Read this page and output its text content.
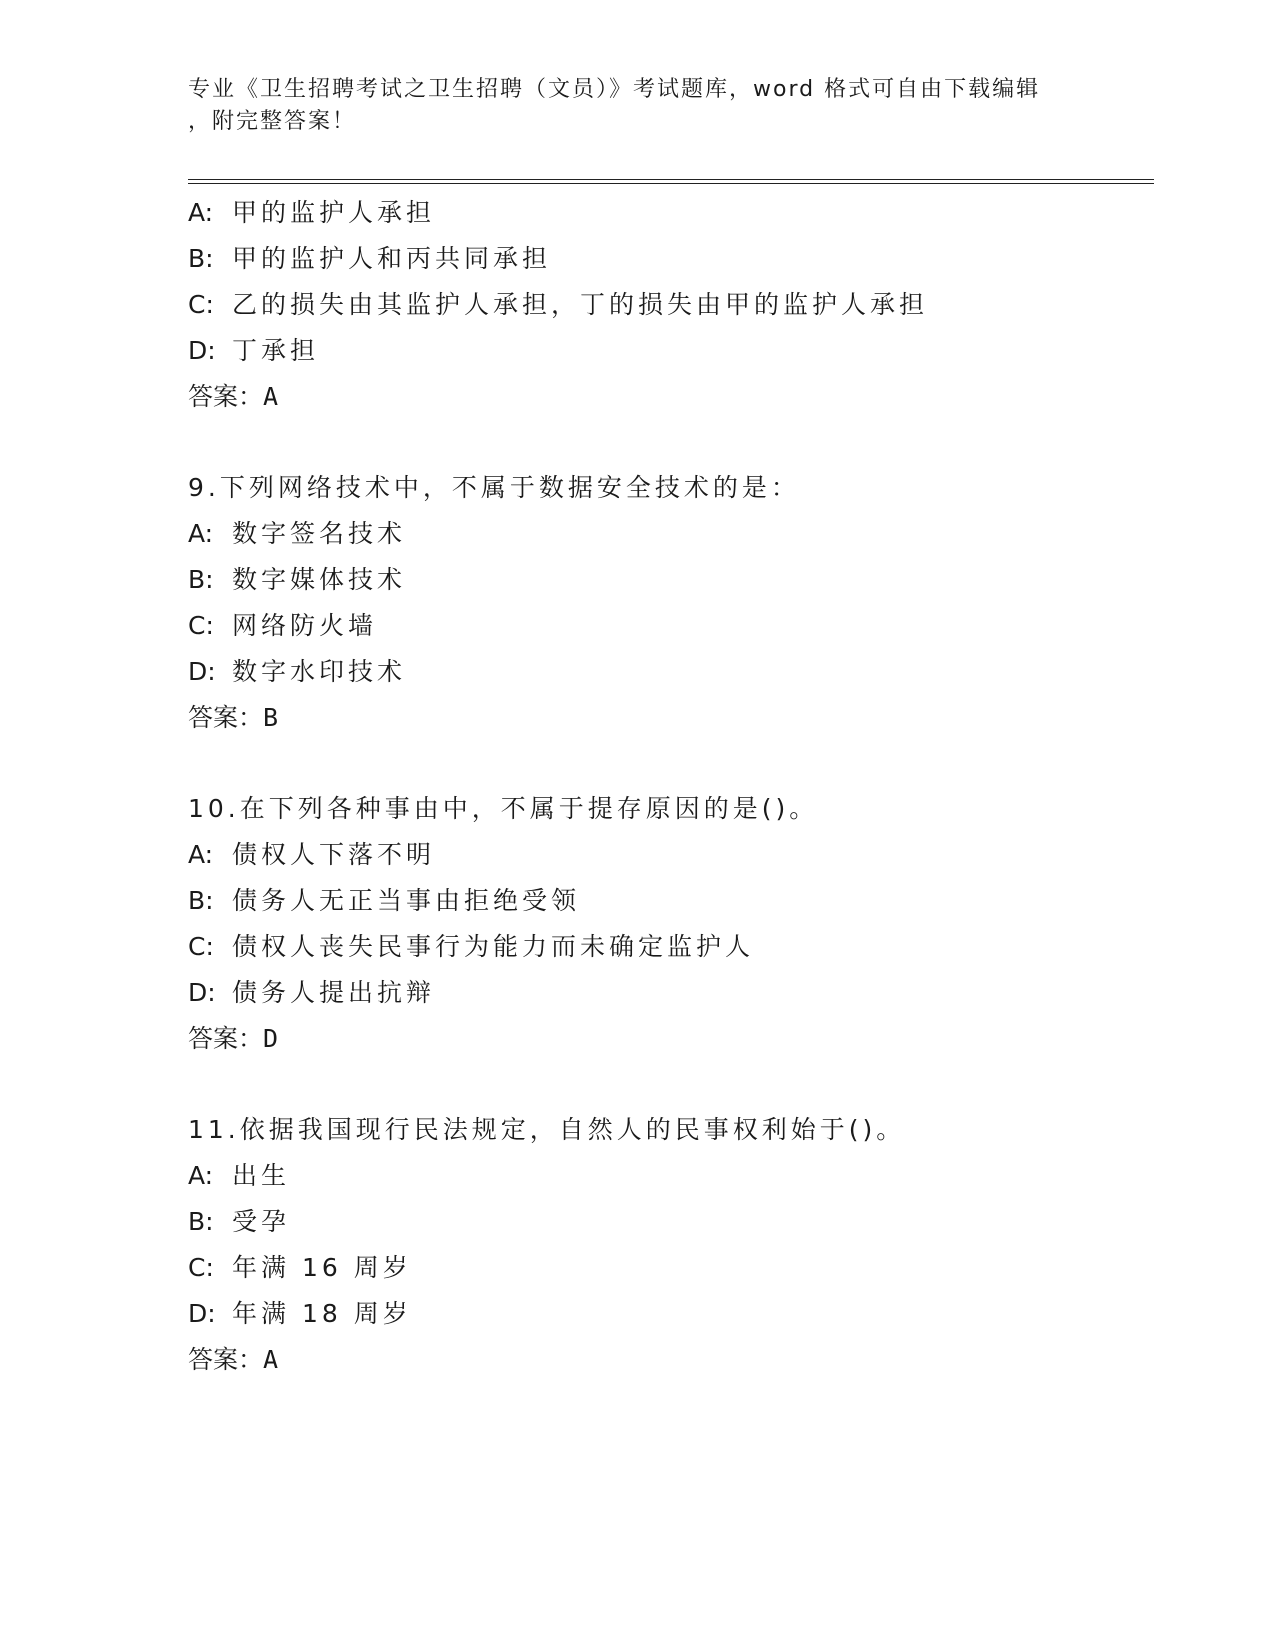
专业《卫生招聘考试之卫生招聘（文员）》考试题库，word 格式可自由下载编辑
，附完整答案！
A: 甲的监护人承担
B: 甲的监护人和丙共同承担
C: 乙的损失由其监护人承担，丁的损失由甲的监护人承担
D: 丁承担
答案：A
9.下列网络技术中，不属于数据安全技术的是：
A: 数字签名技术
B: 数字媒体技术
C: 网络防火墙
D: 数字水印技术
答案：B
10.在下列各种事由中，不属于提存原因的是()。
A: 债权人下落不明
B: 债务人无正当事由拒绝受领
C: 债权人丧失民事行为能力而未确定监护人
D: 债务人提出抗辩
答案：D
11.依据我国现行民法规定，自然人的民事权利始于()。
A: 出生
B: 受孕
C: 年满 16 周岁
D: 年满 18 周岁
答案：A
